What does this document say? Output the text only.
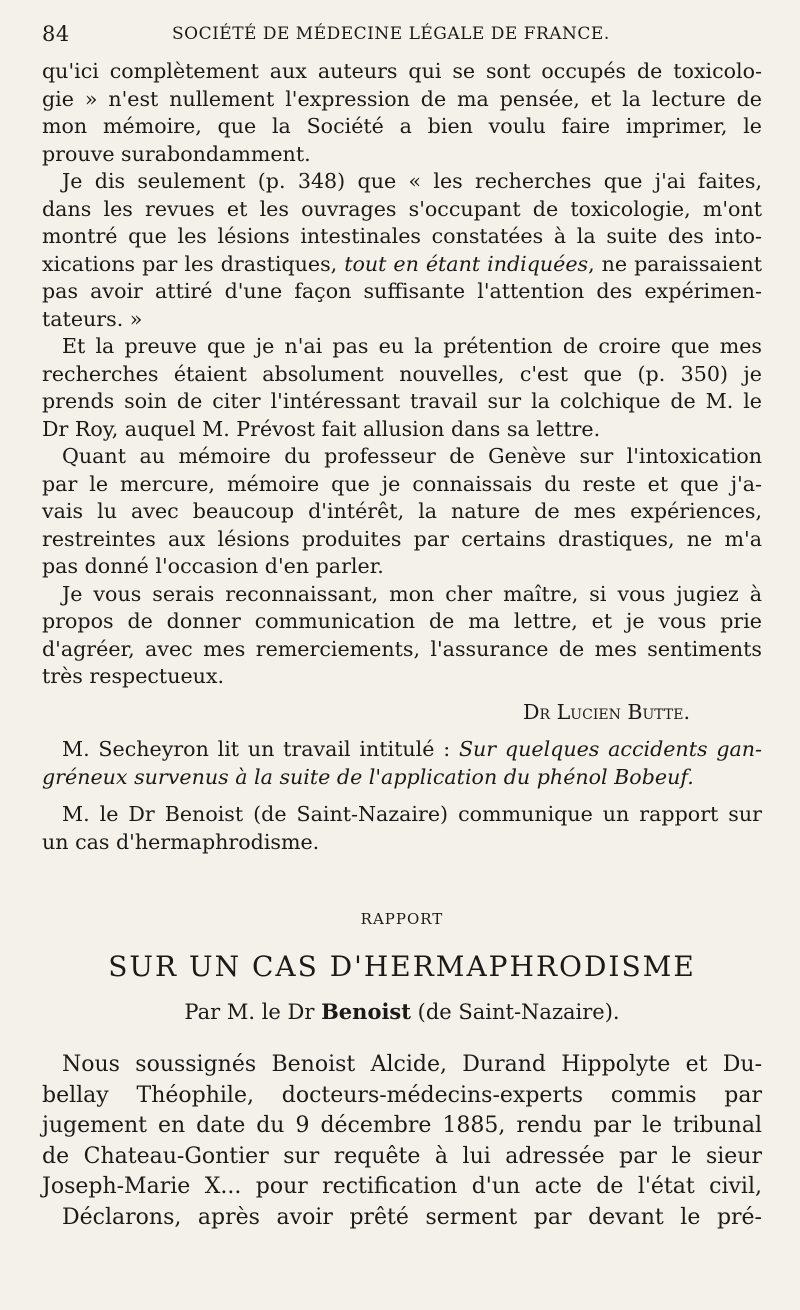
84	SOCIÉTÉ DE MÉDECINE LÉGALE DE FRANCE.
qu'ici complètement aux auteurs qui se sont occupés de toxicolo-
gie » n'est nullement l'expression de ma pensée, et la lecture de
mon mémoire, que la Société a bien voulu faire imprimer, le
prouve surabondamment.
Je dis seulement (p. 348) que « les recherches que j'ai faites,
dans les revues et les ouvrages s'occupant de toxicologie, m'ont
montré que les lésions intestinales constatées à la suite des into-
xications par les drastiques, tout en étant indiquées, ne paraissaient
pas avoir attiré d'une façon suffisante l'attention des expérimen-
tateurs. »
Et la preuve que je n'ai pas eu la prétention de croire que mes
recherches étaient absolument nouvelles, c'est que (p. 350) je
prends soin de citer l'intéressant travail sur la colchique de M. le
Dr Roy, auquel M. Prévost fait allusion dans sa lettre.
Quant au mémoire du professeur de Genève sur l'intoxication
par le mercure, mémoire que je connaissais du reste et que j'a-
vais lu avec beaucoup d'intérêt, la nature de mes expériences,
restreintes aux lésions produites par certains drastiques, ne m'a
pas donné l'occasion d'en parler.
Je vous serais reconnaissant, mon cher maître, si vous jugiez à
propos de donner communication de ma lettre, et je vous prie
d'agréer, avec mes remerciements, l'assurance de mes sentiments
très respectueux.
Dr Lucien Butte.
M. Secheyron lit un travail intitulé : Sur quelques accidents gan-
gréneux survenus à la suite de l'application du phénol Bobeuf.
M. le Dr Benoist (de Saint-Nazaire) communique un rapport sur
un cas d'hermaphrodisme.
RAPPORT
SUR UN CAS D'HERMAPHRODISME
Par M. le Dr Benoist (de Saint-Nazaire).
Nous soussignés Benoist Alcide, Durand Hippolyte et Du-
bellay Théophile, docteurs-médecins-experts commis par
jugement en date du 9 décembre 1885, rendu par le tribunal
de Chateau-Gontier sur requête à lui adressée par le sieur
Joseph-Marie X... pour rectification d'un acte de l'état civil,
Déclarons, après avoir prêté serment par devant le pré-
